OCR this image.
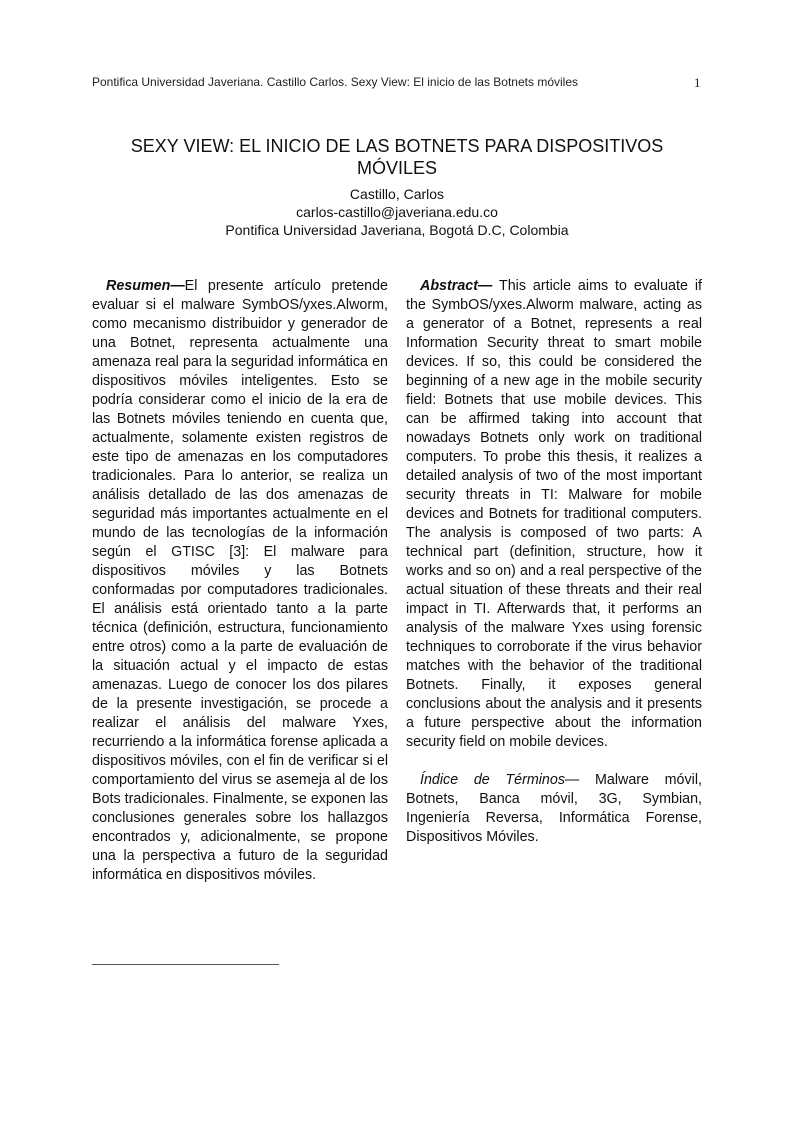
Pontifica Universidad Javeriana. Castillo Carlos. Sexy View: El inicio de las Botnets móviles	1
SEXY VIEW: EL INICIO DE LAS BOTNETS PARA DISPOSITIVOS MÓVILES
Castillo, Carlos
carlos-castillo@javeriana.edu.co
Pontifica Universidad Javeriana, Bogotá D.C, Colombia

Resumen—El presente artículo pretende evaluar si el malware SymbOS/yxes.Alworm, como mecanismo distribuidor y generador de una Botnet, representa actualmente una amenaza real para la seguridad informática en dispositivos móviles inteligentes. Esto se podría considerar como el inicio de la era de las Botnets móviles teniendo en cuenta que, actualmente, solamente existen registros de este tipo de amenazas en los computadores tradicionales. Para lo anterior, se realiza un análisis detallado de las dos amenazas de seguridad más importantes actualmente en el mundo de las tecnologías de la información según el GTISC [3]: El malware para dispositivos móviles y las Botnets conformadas por computadores tradicionales. El análisis está orientado tanto a la parte técnica (definición, estructura, funcionamiento entre otros) como a la parte de evaluación de la situación actual y el impacto de estas amenazas. Luego de conocer los dos pilares de la presente investigación, se procede a realizar el análisis del malware Yxes, recurriendo a la informática forense aplicada a dispositivos móviles, con el fin de verificar si el comportamiento del virus se asemeja al de los Bots tradicionales. Finalmente, se exponen las conclusiones generales sobre los hallazgos encontrados y, adicionalmente, se propone una la perspectiva a futuro de la seguridad informática en dispositivos móviles.

Abstract— This article aims to evaluate if the SymbOS/yxes.Alworm malware, acting as a generator of a Botnet, represents a real Information Security threat to smart mobile devices. If so, this could be considered the beginning of a new age in the mobile security field: Botnets that use mobile devices. This can be affirmed taking into account that nowadays Botnets only work on traditional computers. To probe this thesis, it realizes a detailed analysis of two of the most important security threats in TI: Malware for mobile devices and Botnets for traditional computers. The analysis is composed of two parts: A technical part (definition, structure, how it works and so on) and a real perspective of the actual situation of these threats and their real impact in TI. Afterwards that, it performs an analysis of the malware Yxes using forensic techniques to corroborate if the virus behavior matches with the behavior of the traditional Botnets. Finally, it exposes general conclusions about the analysis and it presents a future perspective about the information security field on mobile devices.

Índice de Términos— Malware móvil, Botnets, Banca móvil, 3G, Symbian, Ingeniería Reversa, Informática Forense, Dispositivos Móviles.
